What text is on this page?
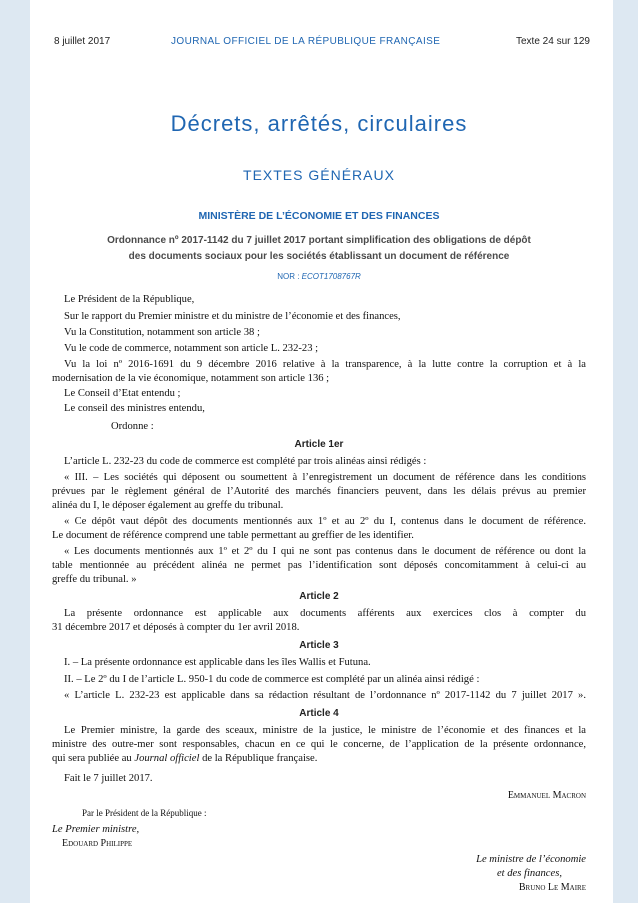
8 juillet 2017	JOURNAL OFFICIEL DE LA RÉPUBLIQUE FRANÇAISE	Texte 24 sur 129
Décrets, arrêtés, circulaires
TEXTES GÉNÉRAUX
MINISTÈRE DE L’ÉCONOMIE ET DES FINANCES
Ordonnance nº 2017-1142 du 7 juillet 2017 portant simplification des obligations de dépôt
des documents sociaux pour les sociétés établissant un document de référence
NOR : ECOT1708767R
Le Président de la République,
Sur le rapport du Premier ministre et du ministre de l’économie et des finances,
Vu la Constitution, notamment son article 38 ;
Vu le code de commerce, notamment son article L. 232-23 ;
Vu la loi nº 2016-1691 du 9 décembre 2016 relative à la transparence, à la lutte contre la corruption et à la
modernisation de la vie économique, notamment son article 136 ;
Le Conseil d’Etat entendu ;
Le conseil des ministres entendu,
Ordonne :
Article 1er
L’article L. 232-23 du code de commerce est complété par trois alinéas ainsi rédigés :
« III. – Les sociétés qui déposent ou soumettent à l’enregistrement un document de référence dans les conditions
prévues par le règlement général de l’Autorité des marchés financiers peuvent, dans les délais prévus au premier
alinéa du I, le déposer également au greffe du tribunal.
« Ce dépôt vaut dépôt des documents mentionnés aux 1º et au 2º du I, contenus dans le document de référence.
Le document de référence comprend une table permettant au greffier de les identifier.
« Les documents mentionnés aux 1º et 2º du I qui ne sont pas contenus dans le document de référence ou dont la
table mentionnée au précédent alinéa ne permet pas l’identification sont déposés concomitamment à celui-ci au
greffe du tribunal. »
Article 2
La présente ordonnance est applicable aux documents afférents aux exercices clos à compter du
31 décembre 2017 et déposés à compter du 1er avril 2018.
Article 3
I. – La présente ordonnance est applicable dans les îles Wallis et Futuna.
II. – Le 2º du I de l’article L. 950-1 du code de commerce est complété par un alinéa ainsi rédigé :
« L’article L. 232-23 est applicable dans sa rédaction résultant de l’ordonnance nº 2017-1142 du 7 juillet 2017 ».
Article 4
Le Premier ministre, la garde des sceaux, ministre de la justice, le ministre de l’économie et des finances et la
ministre des outre-mer sont responsables, chacun en ce qui le concerne, de l’application de la présente ordonnance,
qui sera publiée au Journal officiel de la République française.
Fait le 7 juillet 2017.
Emmanuel Macron
Par le Président de la République :
Le Premier ministre,
Edouard Philippe
Le ministre de l’économie
et des finances,
Bruno Le Maire
